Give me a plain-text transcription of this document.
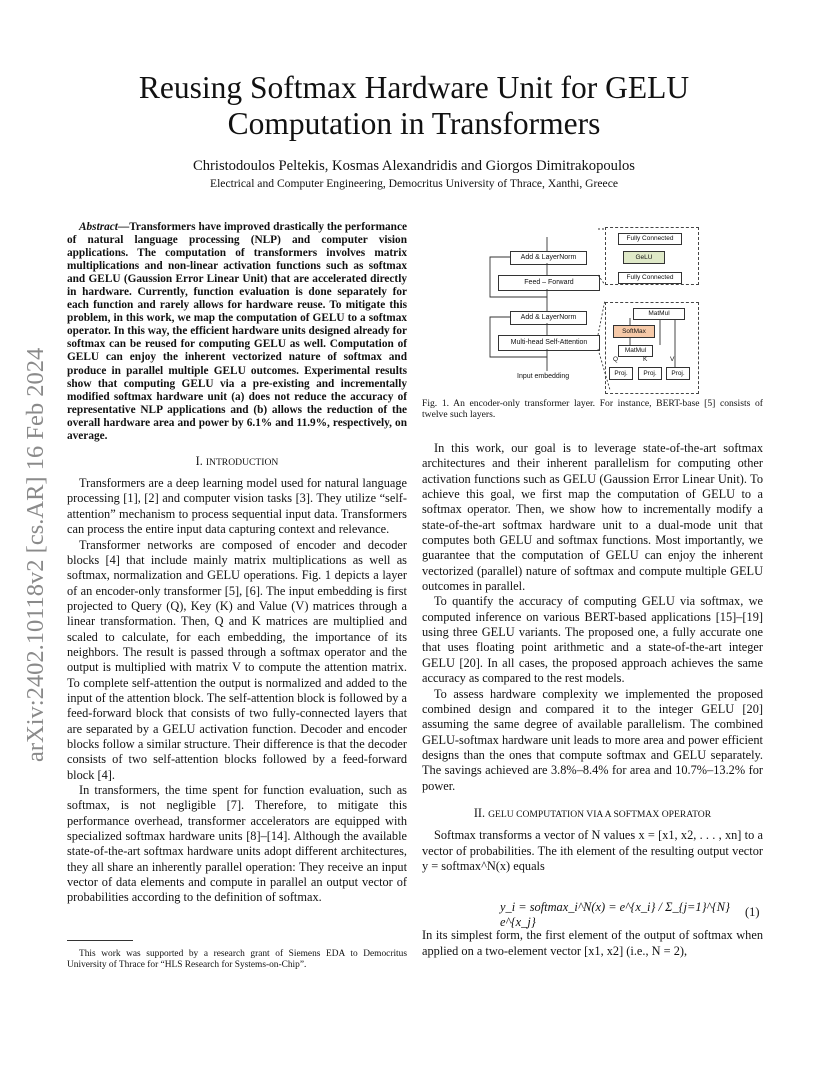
arXiv:2402.10118v2 [cs.AR] 16 Feb 2024
Reusing Softmax Hardware Unit for GELU Computation in Transformers
Christodoulos Peltekis, Kosmas Alexandridis and Giorgos Dimitrakopoulos
Electrical and Computer Engineering, Democritus University of Thrace, Xanthi, Greece
Abstract—Transformers have improved drastically the performance of natural language processing (NLP) and computer vision applications. The computation of transformers involves matrix multiplications and non-linear activation functions such as softmax and GELU (Gaussion Error Linear Unit) that are accelerated directly in hardware. Currently, function evaluation is done separately for each function and rarely allows for hardware reuse. To mitigate this problem, in this work, we map the computation of GELU to a softmax operator. In this way, the efficient hardware units designed already for softmax can be reused for computing GELU as well. Computation of GELU can enjoy the inherent vectorized nature of softmax and produce in parallel multiple GELU outcomes. Experimental results show that computing GELU via a pre-existing and incrementally modified softmax hardware unit (a) does not reduce the accuracy of representative NLP applications and (b) allows the reduction of the overall hardware area and power by 6.1% and 11.9%, respectively, on average.
I. INTRODUCTION

Transformers are a deep learning model used for natural language processing [1], [2] and computer vision tasks [3]. They utilize “self-attention” mechanism to process sequential input data. Transformers can process the entire input data capturing context and relevance.

Transformer networks are composed of encoder and decoder blocks [4] that include mainly matrix multiplications as well as softmax, normalization and GELU operations. Fig. 1 depicts a layer of an encoder-only transformer [5], [6]. The input embedding is first projected to Query (Q), Key (K) and Value (V) matrices through a linear transformation. Then, Q and K matrices are multiplied and scaled to calculate, for each embedding, the importance of its neighbors. The result is passed through a softmax operator and the output is multiplied with matrix V to compute the attention matrix. To complete self-attention the output is normalized and added to the input of the attention block. The self-attention block is followed by a feed-forward block that consists of two fully-connected layers that are separated by a GELU activation function. Decoder and encoder blocks follow a similar structure. Their difference is that the decoder consists of two self-attention blocks followed by a feed-forward block [4].

In transformers, the time spent for function evaluation, such as softmax, is not negligible [7]. Therefore, to mitigate this performance overhead, transformer accelerators are equipped with specialized softmax hardware units [8]–[14]. Although the available state-of-the-art softmax hardware units adopt different architectures, they all share an inherently parallel operation: They receive an input vector of data elements and compute in parallel an output vector of probabilities according to the definition of softmax.

This work was supported by a research grant of Siemens EDA to Democritus University of Thrace for “HLS Research for Systems-on-Chip”.
Add & LayerNorm
Feed – Forward
Add & LayerNorm
Multi-head Self-Attention
Input embedding
Fully Connected
GeLU
Fully Connected
MatMul
SoftMax
MatMul
Q	K	V
Proj.	Proj.	Proj.
Fig. 1. An encoder-only transformer layer. For instance, BERT-base [5] consists of twelve such layers.

In this work, our goal is to leverage state-of-the-art softmax architectures and their inherent parallelism for computing other activation functions such as GELU (Gaussion Error Linear Unit). To achieve this goal, we first map the computation of GELU to a softmax operator. Then, we show how to incrementally modify a state-of-the-art softmax hardware unit to a dual-mode unit that computes both GELU and softmax functions. Most importantly, we guarantee that the computation of GELU can enjoy the inherent vectorized (parallel) nature of softmax and compute multiple GELU outcomes in parallel.

To quantify the accuracy of computing GELU via softmax, we computed inference on various BERT-based applications [15]–[19] using three GELU variants. The proposed one, a fully accurate one that uses floating point arithmetic and a state-of-the-art integer GELU [20]. In all cases, the proposed approach achieves the same accuracy as compared to the rest models.

To assess hardware complexity we implemented the proposed combined design and compared it to the integer GELU [20] assuming the same degree of available parallelism. The combined GELU-softmax hardware unit leads to more area and power efficient designs than the ones that compute softmax and GELU separately. The savings achieved are 3.8%–8.4% for area and 10.7%–13.2% for power.

II. GELU COMPUTATION VIA A SOFTMAX OPERATOR

Softmax transforms a vector of N values x = [x1, x2, . . . , xn] to a vector of probabilities. The ith element of the resulting output vector y = softmax^N(x) equals

In its simplest form, the first element of the output of softmax when applied on a two-element vector [x1, x2] (i.e., N = 2),

y_i = softmax_i^N(x) = e^{x_i} / Σ_{j=1}^{N} e^{x_j}
(1)
